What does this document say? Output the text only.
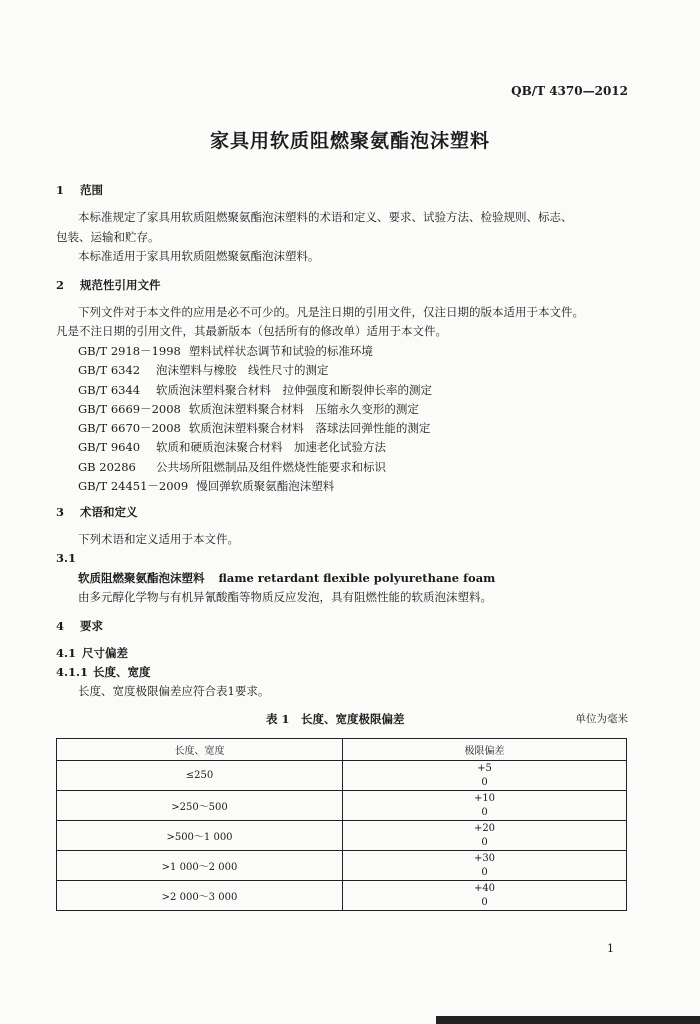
QB/T 4370—2012
家具用软质阻燃聚氨酯泡沫塑料
1 范围
本标准规定了家具用软质阻燃聚氨酯泡沫塑料的术语和定义、要求、试验方法、检验规则、标志、
包装、运输和贮存。
本标准适用于家具用软质阻燃聚氨酯泡沫塑料。
2 规范性引用文件
下列文件对于本文件的应用是必不可少的。凡是注日期的引用文件，仅注日期的版本适用于本文件。
凡是不注日期的引用文件，其最新版本（包括所有的修改单）适用于本文件。
GB/T 2918－1998 塑料试样状态调节和试验的标准环境
GB/T 6342 泡沫塑料与橡胶　线性尺寸的测定
GB/T 6344 软质泡沫塑料聚合材料　拉伸强度和断裂伸长率的测定
GB/T 6669－2008 软质泡沫塑料聚合材料　压缩永久变形的测定
GB/T 6670－2008 软质泡沫塑料聚合材料　落球法回弹性能的测定
GB/T 9640 软质和硬质泡沫聚合材料　加速老化试验方法
GB 20286 公共场所阻燃制品及组件燃烧性能要求和标识
GB/T 24451－2009 慢回弹软质聚氨酯泡沫塑料
3 术语和定义
下列术语和定义适用于本文件。
3.1
软质阻燃聚氨酯泡沫塑料 flame retardant flexible polyurethane foam
由多元醇化学物与有机异氰酸酯等物质反应发泡，具有阻燃性能的软质泡沫塑料。
4 要求
4.1 尺寸偏差
4.1.1 长度、宽度
长度、宽度极限偏差应符合表1要求。
表 1　长度、宽度极限偏差	单位为毫米
长度、宽度	极限偏差
≤250	+5
0

>250～500	+10
0

>500～1 000	+20
0

>1 000～2 000	+30
0

>2 000～3 000	+40
0
1
